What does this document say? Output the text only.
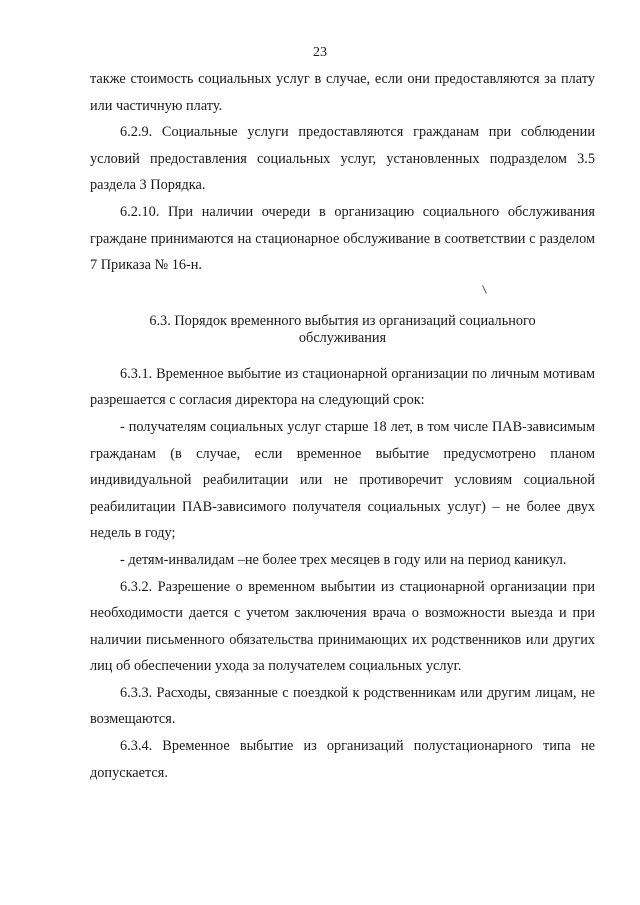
23

также стоимость социальных услуг в случае, если они предоставляются за плату или частичную плату.

6.2.9. Социальные услуги предоставляются гражданам при соблюдении условий предоставления социальных услуг, установленных подразделом 3.5 раздела 3 Порядка.

6.2.10. При наличии очереди в организацию социального обслуживания граждане принимаются на стационарное обслуживание в соответствии с разделом 7 Приказа № 16-н.

6.3. Порядок временного выбытия из организаций социального
обслуживания

6.3.1. Временное выбытие из стационарной организации по личным мотивам разрешается с согласия директора на следующий срок:

- получателям социальных услуг старше 18 лет, в том числе ПАВ-зависимым гражданам (в случае, если временное выбытие предусмотрено планом индивидуальной реабилитации или не противоречит условиям социальной реабилитации ПАВ-зависимого получателя социальных услуг) – не более двух недель в году;

- детям-инвалидам –не более трех месяцев в году или на период каникул.

6.3.2. Разрешение о временном выбытии из стационарной организации при необходимости дается с учетом заключения врача о возможности выезда и при наличии письменного обязательства принимающих их родственников или других лиц об обеспечении ухода за получателем социальных услуг.

6.3.3. Расходы, связанные с поездкой к родственникам или другим лицам, не возмещаются.

6.3.4. Временное выбытие из организаций полустационарного типа не допускается.
